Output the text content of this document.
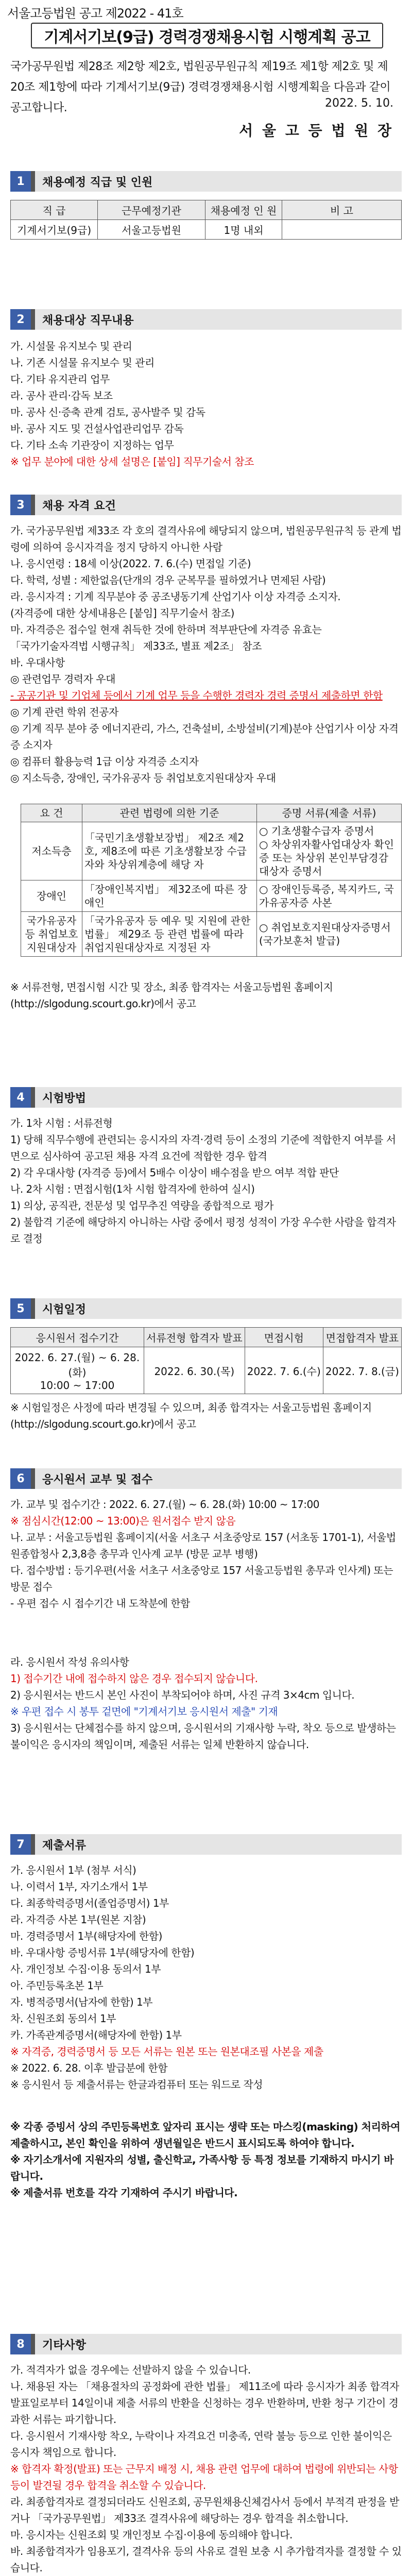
서울고등법원 공고 제2022 - 41호
기계서기보(9급) 경력경쟁채용시험 시행계획 공고
국가공무원법 제28조 제2항 제2호, 법원공무원규칙 제19조 제1항 제2호 및 제20조 제1항에 따라 기계서기보(9급) 경력경쟁채용시험 시행계획을 다음과 같이 공고합니다.	2022. 5. 10.
서 울 고 등 법 원 장
1	채용예정 직급 및 인원
직 급	근무예정기관	채용예정 인 원	비 고
기계서기보(9급)	서울고등법원	1명 내외	
2	채용대상 직무내용

가. 시설물 유지보수 및 관리

나. 기존 시설물 유지보수 및 관리

다. 기타 유지관리 업무

라. 공사 관리·감독 보조

마. 공사 신·증축 관계 검토, 공사발주 및 감독

바. 공사 지도 및 건설사업관리업무 감독

다. 기타 소속 기관장이 지정하는 업무

※ 업무 분야에 대한 상세 설명은 [붙임] 직무기술서 참조

3	채용 자격 요건

가. 국가공무원법 제33조 각 호의 결격사유에 해당되지 않으며, 법원공무원규칙 등 관계 법령에 의하여 응시자격을 정지 당하지 아니한 사람

나. 응시연령 : 18세 이상(2022. 7. 6.(수) 면접일 기준)

다. 학력, 성별 : 제한없음(단개의 경우 군복무를 필하였거나 면제된 사람)

라. 응시자격 : 기계 직무분야 중 공조냉동기계 산업기사 이상 자격증 소지자.

(자격증에 대한 상세내용은 [붙임] 직무기술서 참조)

마. 자격증은 접수일 현재 취득한 것에 한하며 적부판단에 자격증 유효는

「국가기술자격법 시행규칙」 제33조, 별표 제2조」 참조

바. 우대사항

◎ 관련업무 경력자 우대

- 공공기관 및 기업체 등에서 기계 업무 등을 수행한 경력자 경력 증명서 제출하면 한함

◎ 기계 관련 학위 전공자

◎ 기계 직무 분야 중 에너지관리, 가스, 건축설비, 소방설비(기계)분야 산업기사 이상 자격증 소지자

◎ 컴퓨터 활용능력 1급 이상 자격증 소지자

◎ 지소득층, 장애인, 국가유공자 등 취업보호지원대상자 우대

요 건	관련 법령에 의한 기준	증명 서류(제출 서류)
저소득층	「국민기초생활보장법」 제2조 제2호, 제8조에 따른 기초생활보장 수급자와 차상위계층에 해당 자	○ 기초생활수급자 증명서
○ 차상위자활사업대상자 확인증 또는 차상위 본인부담경감 대상자 증명서
장애인	「장애인복지법」 제32조에 따른 장애인	○ 장애인등록증, 복지카드, 국가유공자증 사본
국가유공자 등 취업보호지원대상자	「국가유공자 등 예우 및 지원에 관한 법률」 제29조 등 관련 법률에 따라 취업지원대상자로 지정된 자	○ 취업보호지원대상자증명서(국가보훈처 발급)

※ 서류전형, 면접시험 시간 및 장소, 최종 합격자는 서울고등법원 홈페이지(http://slgodung.scourt.go.kr)에서 공고

4	시험방법

가. 1차 시험 : 서류전형

1) 당해 직무수행에 관련되는 응시자의 자격·경력 등이 소정의 기준에 적합한지 여부를 서면으로 심사하여 공고된 채용 자격 요건에 적합한 경우 합격

2) 각 우대사항 (자격증 등)에서 5배수 이상이 배수점을 받으 여부 적합 판단

나. 2차 시험 : 면접시험(1차 시험 합격자에 한하여 실시)

1) 의상, 공직관, 전문성 및 업무추진 역량을 종합적으로 평가

2) 불합격 기준에 해당하지 아니하는 사람 중에서 평정 성적이 가장 우수한 사람을 합격자로 결정

5	시험일정
응시원서 접수기간	서류전형 합격자 발표	면접시험	면접합격자 발표
2022. 6. 27.(월) ~ 6. 28.(화)
10:00 ~ 17:00	2022. 6. 30.(목)	2022. 7. 6.(수)	2022. 7. 8.(금)

※ 시험일정은 사정에 따라 변경될 수 있으며, 최종 합격자는 서울고등법원 홈페이지(http://slgodung.scourt.go.kr)에서 공고

6	응시원서 교부 및 접수

가. 교부 및 접수기간 : 2022. 6. 27.(월) ~ 6. 28.(화) 10:00 ~ 17:00

※ 점심시간(12:00 ~ 13:00)은 원서접수 받지 않음

나. 교부 : 서울고등법원 홈페이지(서울 서초구 서초중앙로 157 (서초동 1701-1), 서울법원종합청사 2,3,8층 총무과 인사계 교부 (방문 교부 병행)

다. 접수방법 : 등기우편(서울 서초구 서초중앙로 157 서울고등법원 총무과 인사계) 또는 방문 접수

- 우편 접수 시 접수기간 내 도착분에 한함

라. 응시원서 작성 유의사항

1) 접수기간 내에 접수하지 않은 경우 접수되지 않습니다.

2) 응시원서는 반드시 본인 사진이 부착되어야 하며, 사진 규격 3×4cm 입니다.

※ 우편 접수 시 봉투 겉면에 "기계서기보 응시원서 제출" 기재

3) 응시원서는 단체접수를 하지 않으며, 응시원서의 기재사항 누락, 착오 등으로 발생하는 불이익은 응시자의 책임이며, 제출된 서류는 일체 반환하지 않습니다.

7	제출서류

가. 응시원서 1부 (첨부 서식)

나. 이력서 1부, 자기소개서 1부

다. 최종학력증명서(졸업증명서) 1부

라. 자격증 사본 1부(원본 지참)

마. 경력증명서 1부(해당자에 한함)

바. 우대사항 증빙서류 1부(해당자에 한함)

사. 개인정보 수집·이용 동의서 1부

아. 주민등록초본 1부

자. 병적증명서(남자에 한함) 1부

차. 신원조회 동의서 1부

카. 가족관계증명서(해당자에 한함) 1부

※ 자격증, 경력증명서 등 모든 서류는 원본 또는 원본대조필 사본을 제출

※ 2022. 6. 28. 이후 발급분에 한함

※ 응시원서 등 제출서류는 한글과컴퓨터 또는 워드로 작성

※ 각종 증빙서 상의 주민등록번호 앞자리 표시는 생략 또는 마스킹(masking) 처리하여 제출하시고, 본인 확인을 위하여 생년월일은 반드시 표시되도록 하여야 합니다.

※ 자기소개서에 지원자의 성별, 출신학교, 가족사항 등 특정 정보를 기재하지 마시기 바랍니다.

※ 제출서류 번호를 각각 기재하여 주시기 바랍니다.

8	기타사항

가. 적격자가 없을 경우에는 선발하지 않을 수 있습니다.

나. 채용된 자는 「채용절차의 공정화에 관한 법률」 제11조에 따라 응시자가 최종 합격자 발표일로부터 14일이내 제출 서류의 반환을 신청하는 경우 반환하며, 반환 청구 기간이 경과한 서류는 파기합니다.

다. 응시원서 기재사항 착오, 누락이나 자격요건 미충족, 연락 불능 등으로 인한 불이익은 응시자 책임으로 합니다.

※ 합격자 확정(발표) 또는 근무지 배정 시, 채용 관련 업무에 대하여 법령에 위반되는 사항 등이 발견될 경우 합격을 취소할 수 있습니다.

라. 최종합격자로 결정되더라도 신원조회, 공무원채용신체검사서 등에서 부적격 판정을 받거나 「국가공무원법」 제33조 결격사유에 해당하는 경우 합격을 취소합니다.

마. 응시자는 신원조회 및 개인정보 수집·이용에 동의해야 합니다.

바. 최종합격자가 임용포기, 결격사유 등의 사유로 결원 보충 시 추가합격자를 결정할 수 있습니다.
